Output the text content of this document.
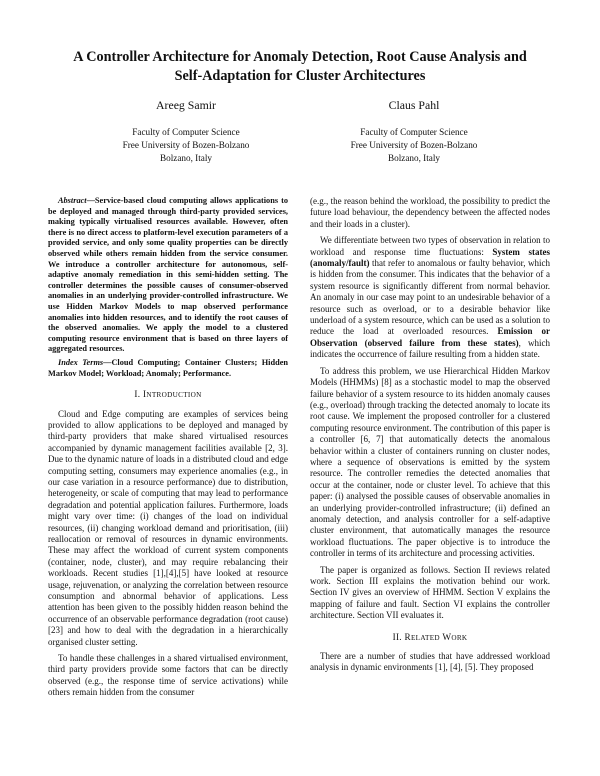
A Controller Architecture for Anomaly Detection, Root Cause Analysis and
Self-Adaptation for Cluster Architectures
Areeg Samir	Claus Pahl
Faculty of Computer Science
Free University of Bozen-Bolzano
Bolzano, Italy
Faculty of Computer Science
Free University of Bozen-Bolzano
Bolzano, Italy

Abstract—Service-based cloud computing allows applications to be deployed and managed through third-party provided services, making typically virtualised resources available. However, often there is no direct access to platform-level execution parameters of a provided service, and only some quality properties can be directly observed while others remain hidden from the service consumer. We introduce a controller architecture for autonomous, self-adaptive anomaly remediation in this semi-hidden setting. The controller determines the possible causes of consumer-observed anomalies in an underlying provider-controlled infrastructure. We use Hidden Markov Models to map observed performance anomalies into hidden resources, and to identify the root causes of the observed anomalies. We apply the model to a clustered computing resource environment that is based on three layers of aggregated resources.

Index Terms—Cloud Computing; Container Clusters; Hidden Markov Model; Workload; Anomaly; Performance.

I. INTRODUCTION

Cloud and Edge computing are examples of services being provided to allow applications to be deployed and managed by third-party providers that make shared virtualised resources accompanied by dynamic management facilities available [2, 3]. Due to the dynamic nature of loads in a distributed cloud and edge computing setting, consumers may experience anomalies (e.g., in our case variation in a resource performance) due to distribution, heterogeneity, or scale of computing that may lead to performance degradation and potential application failures. Furthermore, loads might vary over time: (i) changes of the load on individual resources, (ii) changing workload demand and prioritisation, (iii) reallocation or removal of resources in dynamic environments. These may affect the workload of current system components (container, node, cluster), and may require rebalancing their workloads. Recent studies [1],[4],[5] have looked at resource usage, rejuvenation, or analyzing the correlation between resource consumption and abnormal behavior of applications. Less attention has been given to the possibly hidden reason behind the occurrence of an observable performance degradation (root cause)[23] and how to deal with the degradation in a hierarchically organised cluster setting.

To handle these challenges in a shared virtualised environment, third party providers provide some factors that can be directly observed (e.g., the response time of service activations) while others remain hidden from the consumer

(e.g., the reason behind the workload, the possibility to predict the future load behaviour, the dependency between the affected nodes and their loads in a cluster).

We differentiate between two types of observation in relation to workload and response time fluctuations: System states (anomaly/fault) that refer to anomalous or faulty behavior, which is hidden from the consumer. This indicates that the behavior of a system resource is significantly different from normal behavior. An anomaly in our case may point to an undesirable behavior of a resource such as overload, or to a desirable behavior like underload of a system resource, which can be used as a solution to reduce the load at overloaded resources. Emission or Observation (observed failure from these states), which indicates the occurrence of failure resulting from a hidden state.

To address this problem, we use Hierarchical Hidden Markov Models (HHMMs) [8] as a stochastic model to map the observed failure behavior of a system resource to its hidden anomaly causes (e.g., overload) through tracking the detected anomaly to locate its root cause. We implement the proposed controller for a clustered computing resource environment. The contribution of this paper is a controller [6, 7] that automatically detects the anomalous behavior within a cluster of containers running on cluster nodes, where a sequence of observations is emitted by the system resource. The controller remedies the detected anomalies that occur at the container, node or cluster level. To achieve that this paper: (i) analysed the possible causes of observable anomalies in an underlying provider-controlled infrastructure; (ii) defined an anomaly detection, and analysis controller for a self-adaptive cluster environment, that automatically manages the resource workload fluctuations. The paper objective is to introduce the controller in terms of its architecture and processing activities.

The paper is organized as follows. Section II reviews related work. Section III explains the motivation behind our work. Section IV gives an overview of HHMM. Section V explains the mapping of failure and fault. Section VI explains the controller architecture. Section VII evaluates it.

II. RELATED WORK

There are a number of studies that have addressed workload analysis in dynamic environments [1], [4], [5]. They proposed
